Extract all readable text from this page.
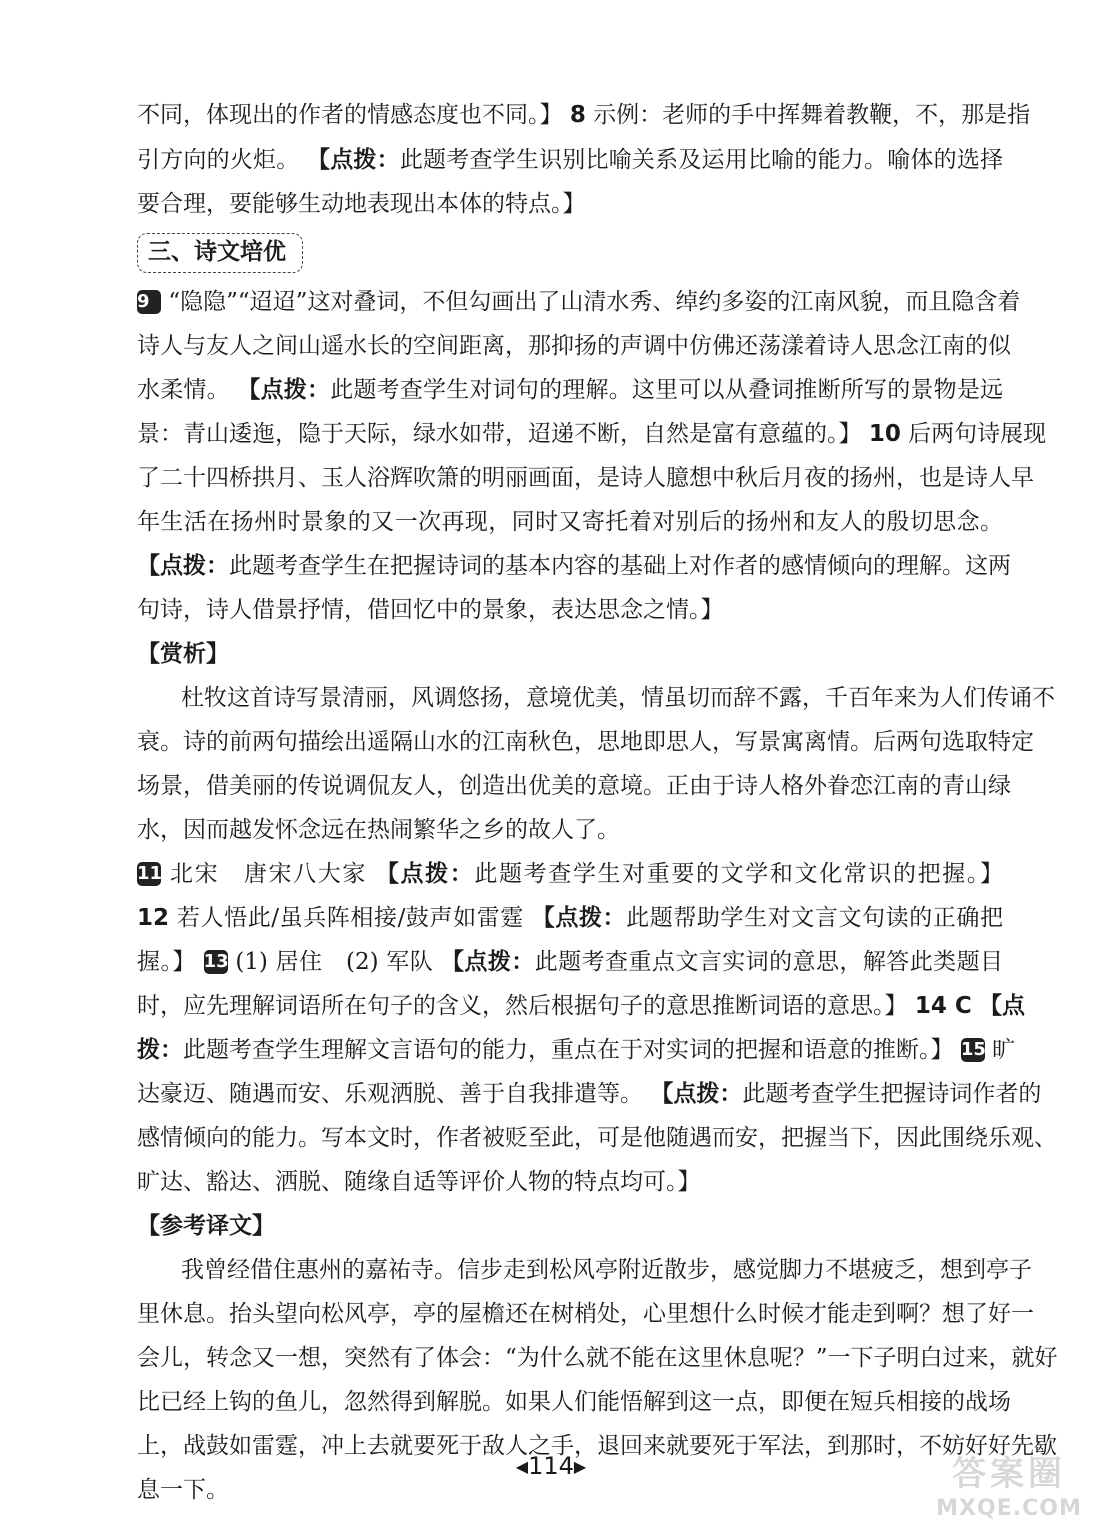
不同，体现出的作者的情感态度也不同。】 8 示例：老师的手中挥舞着教鞭，不，那是指
引方向的火炬。 【点拨：此题考查学生识别比喻关系及运用比喻的能力。喻体的选择
要合理，要能够生动地表现出本体的特点。】
三、诗文培优
9 “隐隐”“迢迢”这对叠词，不但勾画出了山清水秀、绰约多姿的江南风貌，而且隐含着
诗人与友人之间山遥水长的空间距离，那抑扬的声调中仿佛还荡漾着诗人思念江南的似
水柔情。 【点拨：此题考查学生对词句的理解。这里可以从叠词推断所写的景物是远
景：青山逶迤，隐于天际，绿水如带，迢递不断，自然是富有意蕴的。】 10 后两句诗展现
了二十四桥拱月、玉人浴辉吹箫的明丽画面，是诗人臆想中秋后月夜的扬州，也是诗人早
年生活在扬州时景象的又一次再现，同时又寄托着对别后的扬州和友人的殷切思念。
【点拨：此题考查学生在把握诗词的基本内容的基础上对作者的感情倾向的理解。这两
句诗，诗人借景抒情，借回忆中的景象，表达思念之情。】
【赏析】
杜牧这首诗写景清丽，风调悠扬，意境优美，情虽切而辞不露，千百年来为人们传诵不
衰。诗的前两句描绘出遥隔山水的江南秋色，思地即思人，写景寓离情。后两句选取特定
场景，借美丽的传说调侃友人，创造出优美的意境。正由于诗人格外眷恋江南的青山绿
水，因而越发怀念远在热闹繁华之乡的故人了。
11 北宋　唐宋八大家 【点拨：此题考查学生对重要的文学和文化常识的把握。】
12 若人悟此/虽兵阵相接/鼓声如雷霆 【点拨：此题帮助学生对文言文句读的正确把
握。】 13 (1) 居住　(2) 军队 【点拨：此题考查重点文言实词的意思，解答此类题目
时，应先理解词语所在句子的含义，然后根据句子的意思推断词语的意思。】 14 C 【点
拨：此题考查学生理解文言语句的能力，重点在于对实词的把握和语意的推断。】 15 旷
达豪迈、随遇而安、乐观洒脱、善于自我排遣等。 【点拨：此题考查学生把握诗词作者的
感情倾向的能力。写本文时，作者被贬至此，可是他随遇而安，把握当下，因此围绕乐观、
旷达、豁达、洒脱、随缘自适等评价人物的特点均可。】
【参考译文】
我曾经借住惠州的嘉祐寺。信步走到松风亭附近散步，感觉脚力不堪疲乏，想到亭子
里休息。抬头望向松风亭，亭的屋檐还在树梢处，心里想什么时候才能走到啊？想了好一
会儿，转念又一想，突然有了体会：“为什么就不能在这里休息呢？”一下子明白过来，就好
比已经上钩的鱼儿，忽然得到解脱。如果人们能悟解到这一点，即便在短兵相接的战场
上，战鼓如雷霆，冲上去就要死于敌人之手，退回来就要死于军法，到那时，不妨好好先歇
息一下。
◀114▶	答案圈
MXQE.COM
